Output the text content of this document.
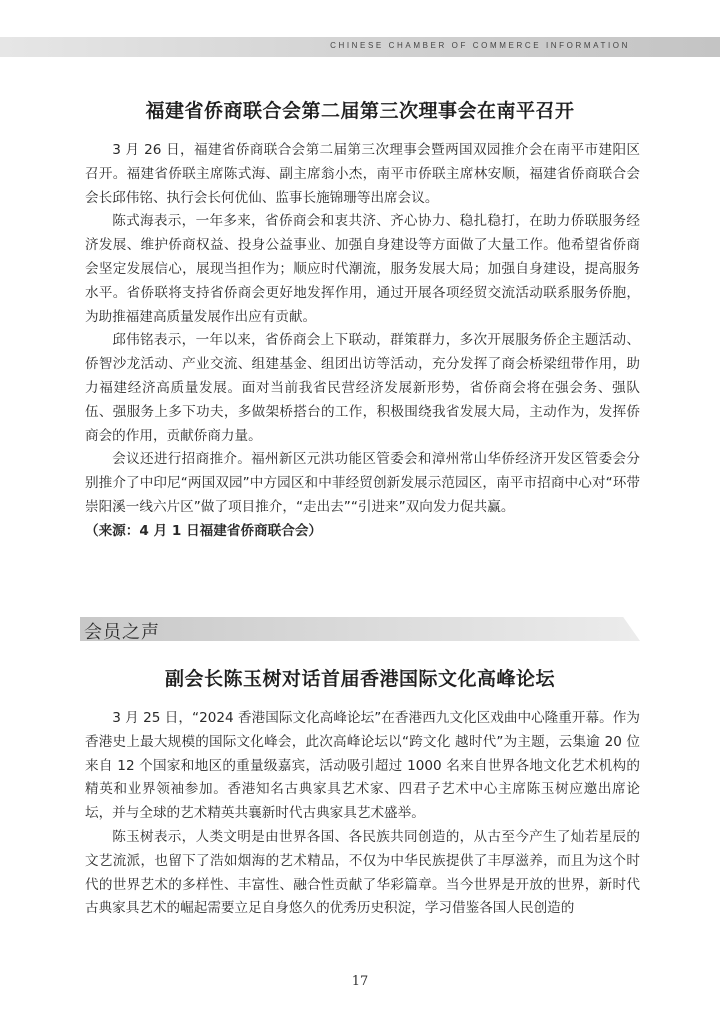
CHINESE CHAMBER OF COMMERCE INFORMATION
福建省侨商联合会第二届第三次理事会在南平召开

3 月 26 日，福建省侨商联合会第二届第三次理事会暨两国双园推介会在南平市建阳区召开。福建省侨联主席陈式海、副主席翁小杰，南平市侨联主席林安顺，福建省侨商联合会会长邱伟铭、执行会长何优仙、监事长施锦珊等出席会议。

陈式海表示，一年多来，省侨商会和衷共济、齐心协力、稳扎稳打，在助力侨联服务经济发展、维护侨商权益、投身公益事业、加强自身建设等方面做了大量工作。他希望省侨商会坚定发展信心，展现当担作为；顺应时代潮流，服务发展大局；加强自身建设，提高服务水平。省侨联将支持省侨商会更好地发挥作用，通过开展各项经贸交流活动联系服务侨胞，为助推福建高质量发展作出应有贡献。

邱伟铭表示，一年以来，省侨商会上下联动，群策群力，多次开展服务侨企主题活动、侨智沙龙活动、产业交流、组建基金、组团出访等活动，充分发挥了商会桥梁纽带作用，助力福建经济高质量发展。面对当前我省民营经济发展新形势，省侨商会将在强会务、强队伍、强服务上多下功夫，多做架桥搭台的工作，积极围绕我省发展大局，主动作为，发挥侨商会的作用，贡献侨商力量。

会议还进行招商推介。福州新区元洪功能区管委会和漳州常山华侨经济开发区管委会分别推介了中印尼“两国双园”中方园区和中菲经贸创新发展示范园区，南平市招商中心对“环带崇阳溪一线六片区”做了项目推介，“走出去”“引进来”双向发力促共赢。

（来源：4 月 1 日福建省侨商联合会）

会员之声
副会长陈玉树对话首届香港国际文化高峰论坛

3 月 25 日，“2024 香港国际文化高峰论坛”在香港西九文化区戏曲中心隆重开幕。作为香港史上最大规模的国际文化峰会，此次高峰论坛以“跨文化 越时代”为主题，云集逾 20 位来自 12 个国家和地区的重量级嘉宾，活动吸引超过 1000 名来自世界各地文化艺术机构的精英和业界领袖参加。香港知名古典家具艺术家、四君子艺术中心主席陈玉树应邀出席论坛，并与全球的艺术精英共襄新时代古典家具艺术盛举。

陈玉树表示，人类文明是由世界各国、各民族共同创造的，从古至今产生了灿若星辰的文艺流派，也留下了浩如烟海的艺术精品，不仅为中华民族提供了丰厚滋养，而且为这个时代的世界艺术的多样性、丰富性、融合性贡献了华彩篇章。当今世界是开放的世界，新时代古典家具艺术的崛起需要立足自身悠久的优秀历史积淀，学习借鉴各国人民创造的

17
